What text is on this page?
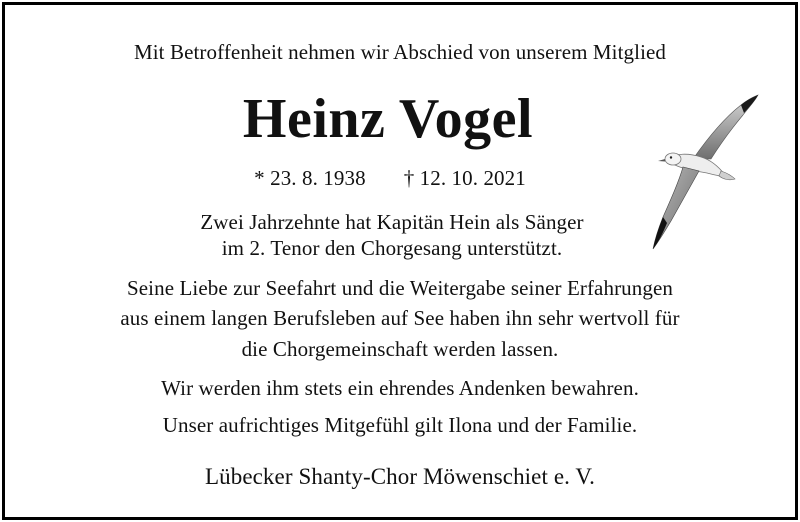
Mit Betroffenheit nehmen wir Abschied von unserem Mitglied
Heinz Vogel
* 23. 8. 1938 † 12. 10. 2021
Zwei Jahrzehnte hat Kapitän Hein als Sänger
im 2. Tenor den Chorgesang unterstützt.
Seine Liebe zur Seefahrt und die Weitergabe seiner Erfahrungen
aus einem langen Berufsleben auf See haben ihn sehr wertvoll für
die Chorgemeinschaft werden lassen.
Wir werden ihm stets ein ehrendes Andenken bewahren.
Unser aufrichtiges Mitgefühl gilt Ilona und der Familie.
Lübecker Shanty-Chor Möwenschiet e. V.
